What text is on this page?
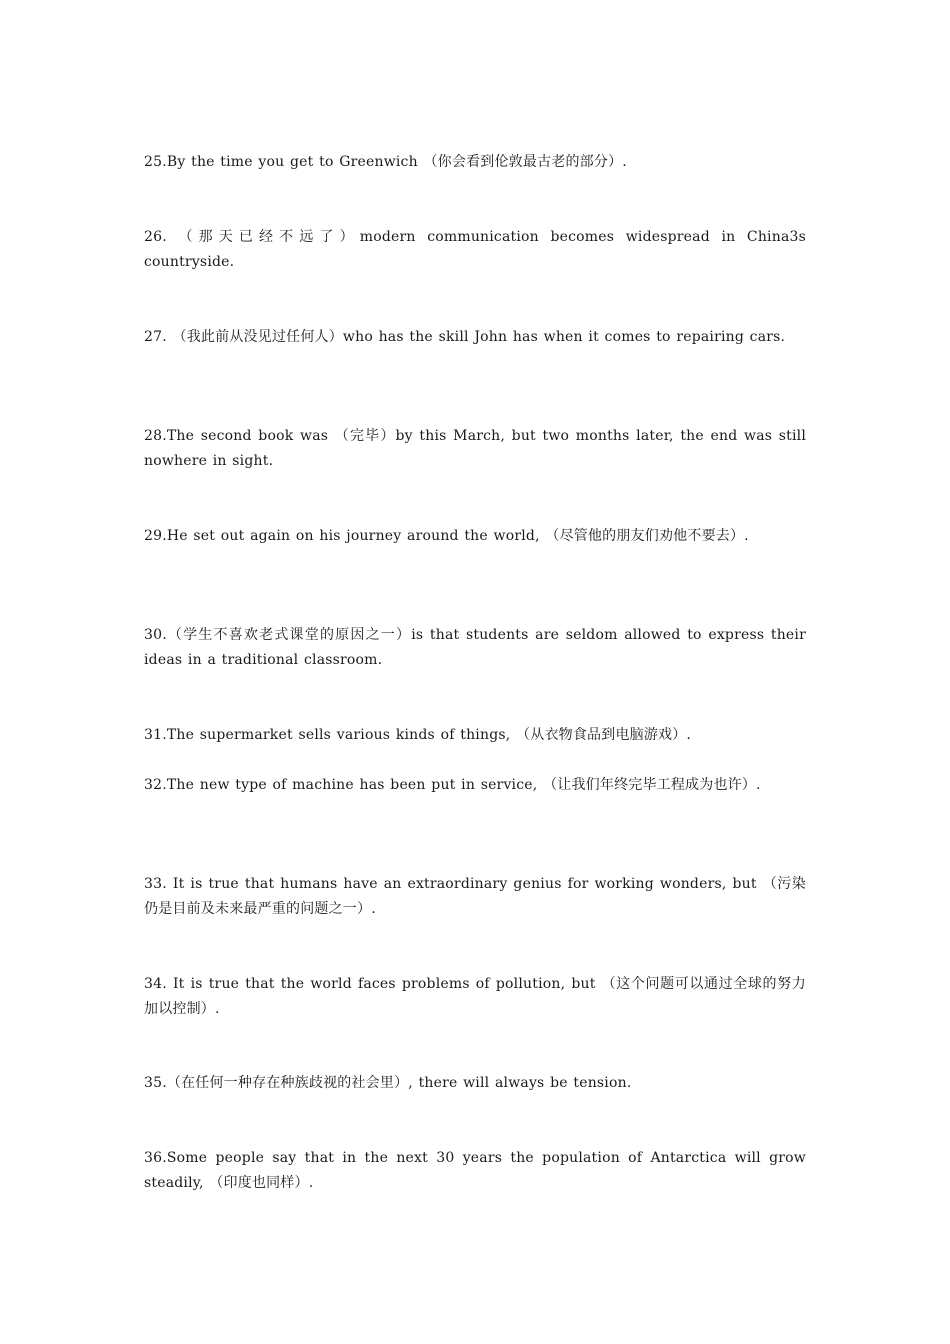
25.By the time you get to Greenwich （你会看到伦敦最古老的部分）.

26. （那天已经不远了）modern communication becomes widespread in China3s countryside.

27. （我此前从没见过任何人）who has the skill John has when it comes to repairing cars.

28.The second book was （完毕）by this March, but two months later, the end was still nowhere in sight.

29.He set out again on his journey around the world, （尽管他的朋友们劝他不要去）.

30.（学生不喜欢老式课堂的原因之一）is that students are seldom allowed to express their ideas in a traditional classroom.

31.The supermarket sells various kinds of things, （从衣物食品到电脑游戏）.

32.The new type of machine has been put in service, （让我们年终完毕工程成为也许）.

33. It is true that humans have an extraordinary genius for working wonders, but （污染仍是目前及未来最严重的问题之一）.

34. It is true that the world faces problems of pollution, but （这个问题可以通过全球的努力加以控制）.

35.（在任何一种存在种族歧视的社会里）, there will always be tension.

36.Some people say that in the next 30 years the population of Antarctica will grow steadily, （印度也同样）.
